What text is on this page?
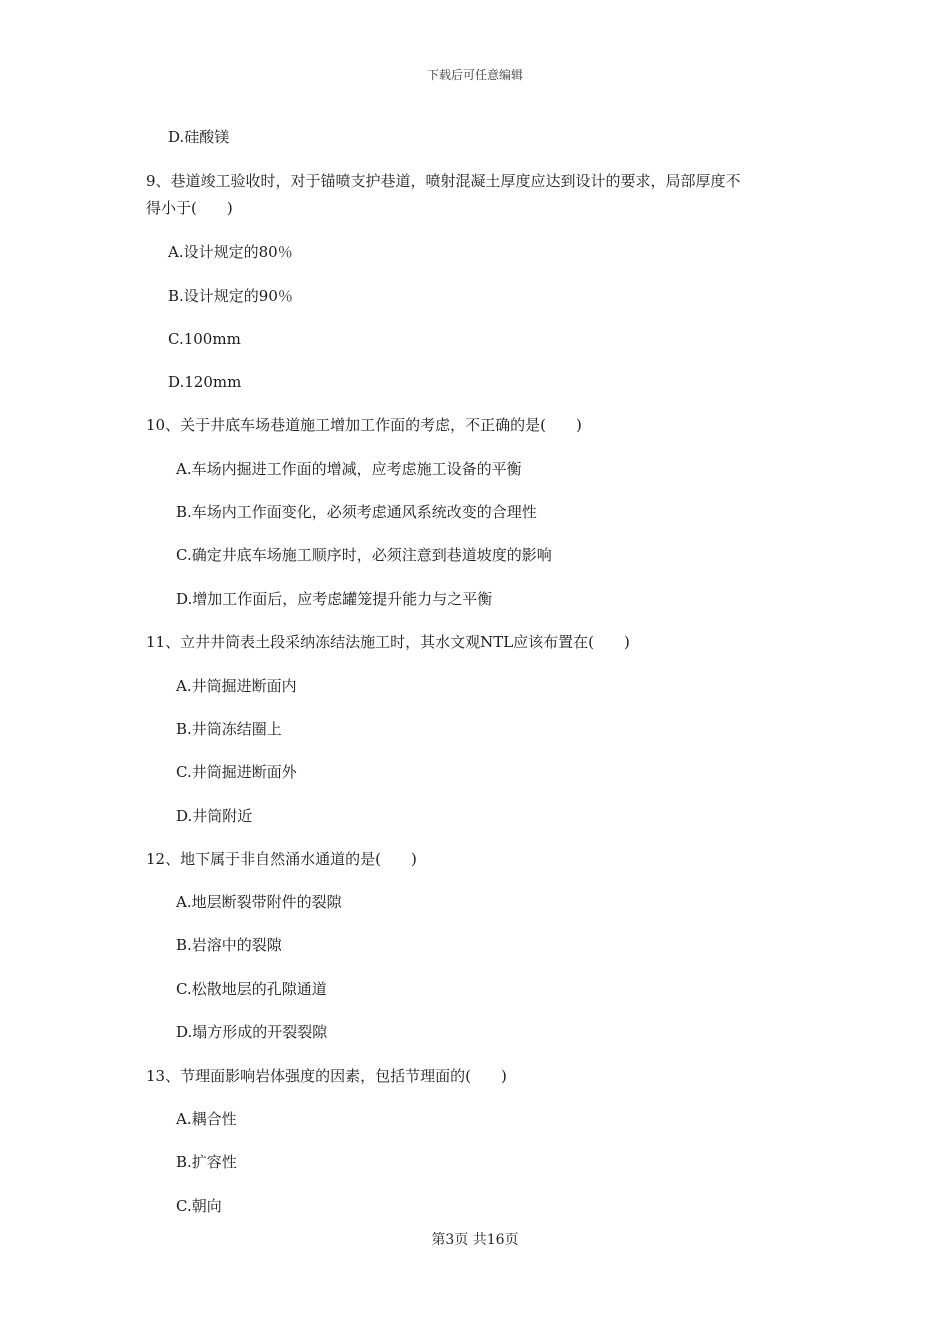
下载后可任意编辑
D.硅酸镁
9、巷道竣工验收时，对于锚喷支护巷道，喷射混凝土厚度应达到设计的要求，局部厚度不
得小于(　　)
A.设计规定的80％
B.设计规定的90％
C.100mm
D.120mm
10、关于井底车场巷道施工增加工作面的考虑，不正确的是(　　)
A.车场内掘进工作面的增减，应考虑施工设备的平衡
B.车场内工作面变化，必须考虑通风系统改变的合理性
C.确定井底车场施工顺序时，必须注意到巷道坡度的影响
D.增加工作面后，应考虑罐笼提升能力与之平衡
11、立井井筒表土段采纳冻结法施工时，其水文观NTL应该布置在(　　)
A.井筒掘进断面内
B.井筒冻结圈上
C.井筒掘进断面外
D.井筒附近
12、地下属于非自然涌水通道的是(　　)
A.地层断裂带附件的裂隙
B.岩溶中的裂隙
C.松散地层的孔隙通道
D.塌方形成的开裂裂隙
13、节理面影响岩体强度的因素，包括节理面的(　　)
A.耦合性
B.扩容性
C.朝向
第3页 共16页
